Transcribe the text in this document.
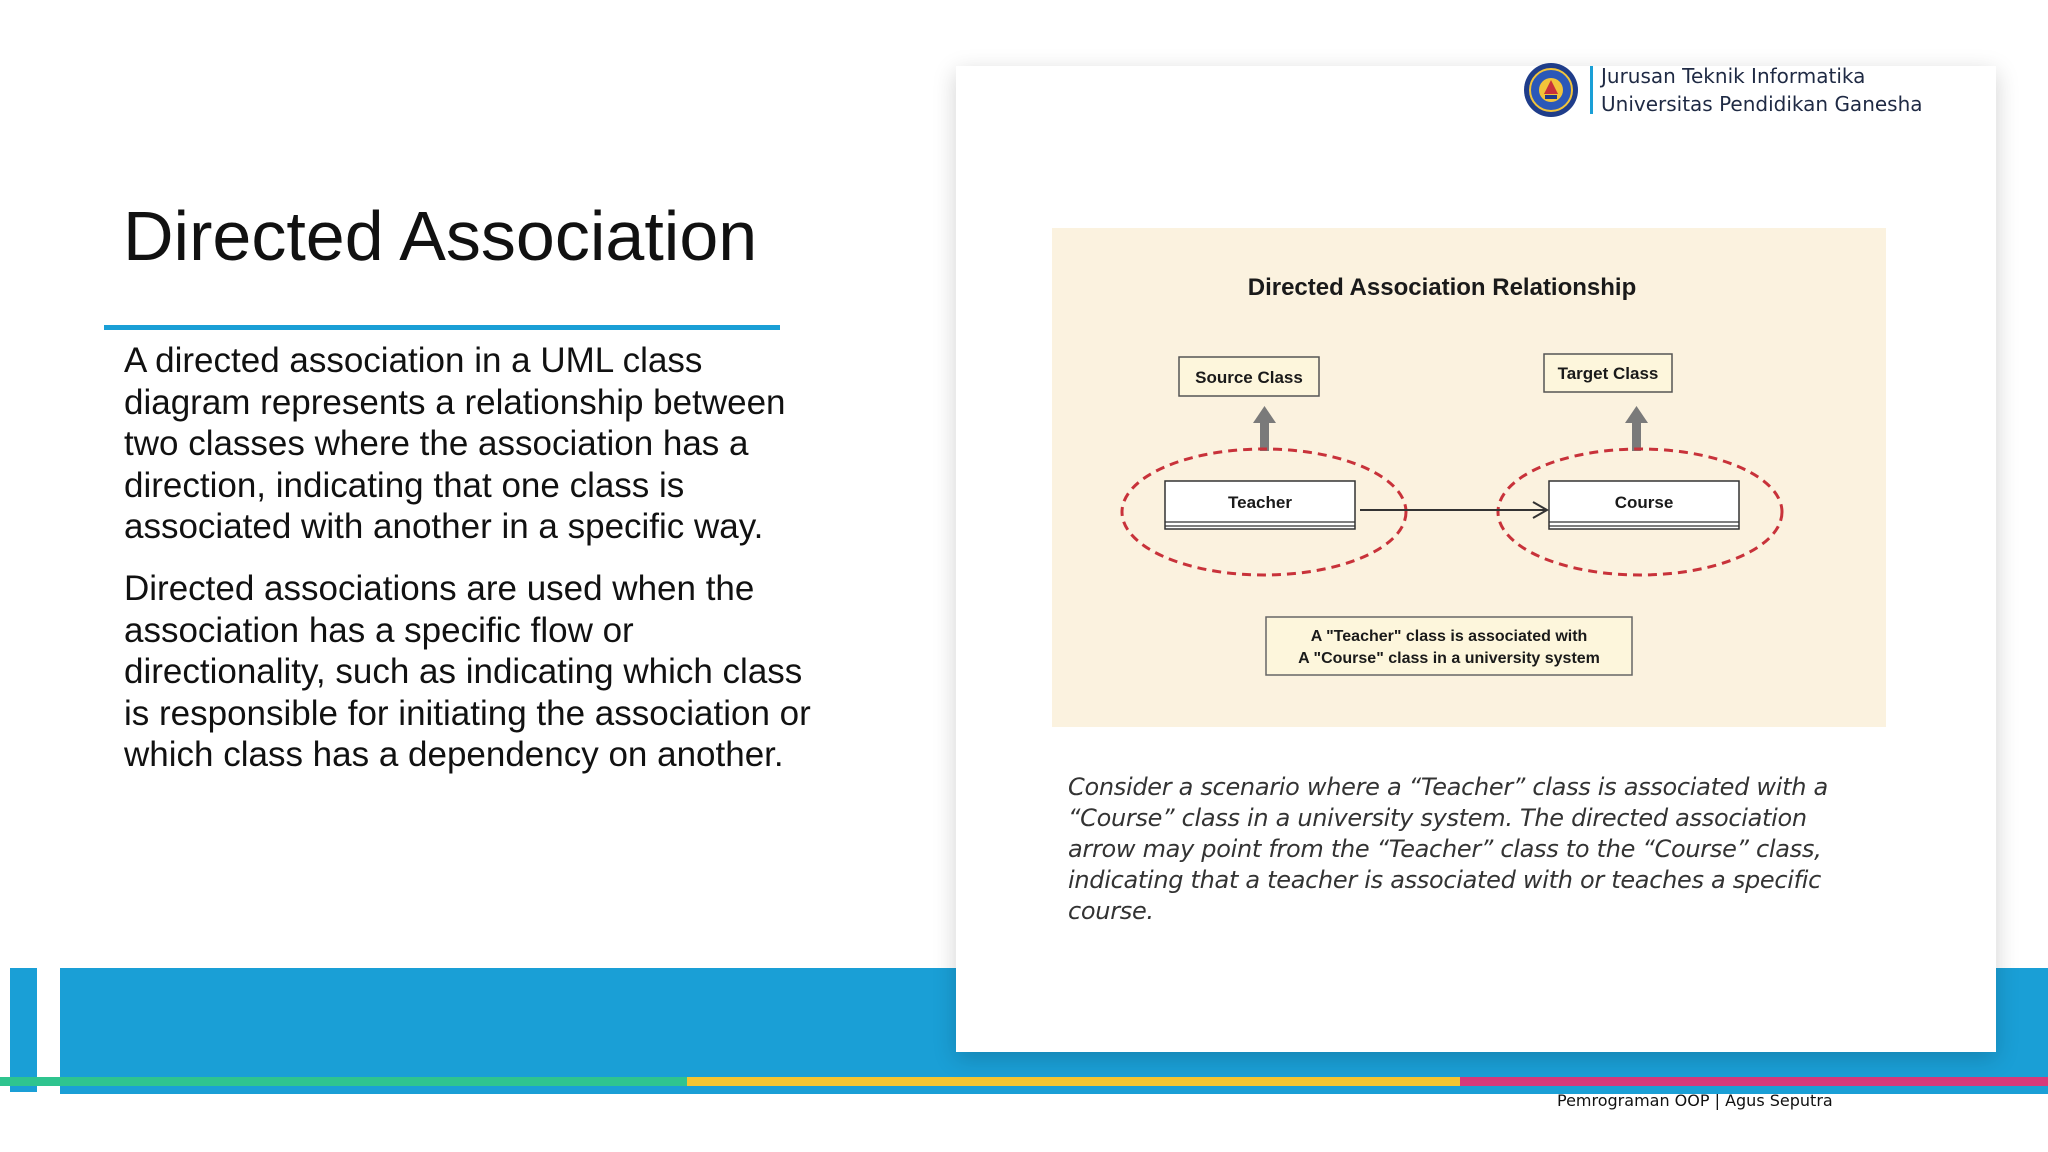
Jurusan Teknik Informatika
Universitas Pendidikan Ganesha
Directed Association

A directed association in a UML class diagram represents a relationship between two classes where the association has a direction, indicating that one class is associated with another in a specific way.

Directed associations are used when the association has a specific flow or directionality, such as indicating which class is responsible for initiating the association or which class has a dependency on another.

Directed Association Relationship
Source Class	Target Class
Teacher	Course
A "Teacher" class is associated with
A "Course" class in a university system
Consider a scenario where a “Teacher” class is associated with a “Course” class in a university system. The directed association arrow may point from the “Teacher” class to the “Course” class, indicating that a teacher is associated with or teaches a specific course.
Pemrograman OOP | Agus Seputra
